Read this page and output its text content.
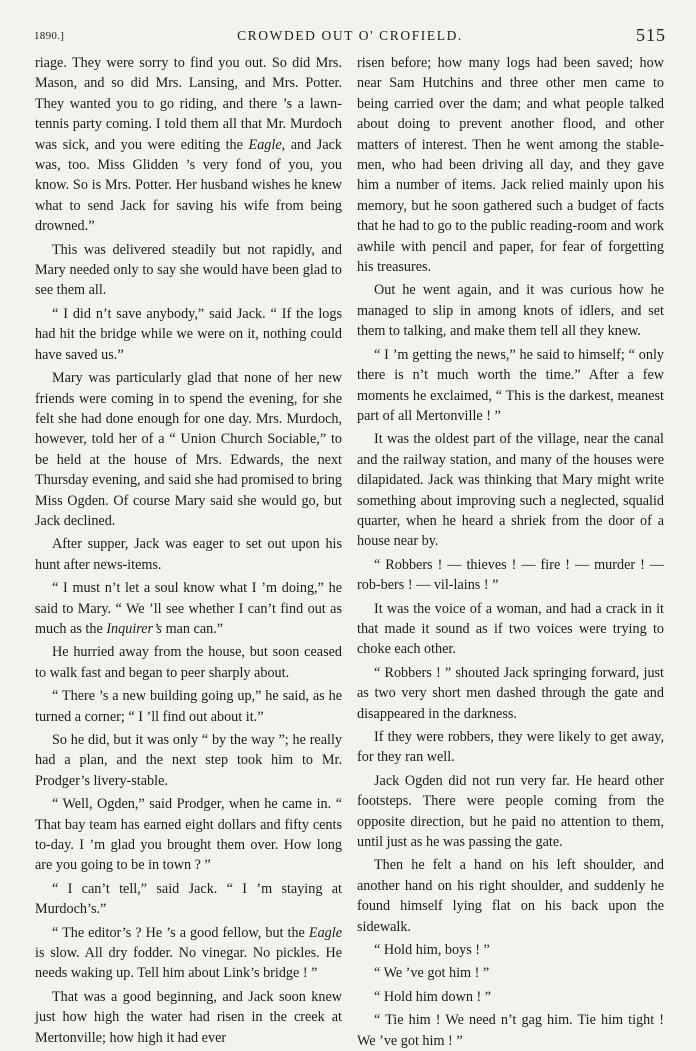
1890.]	CROWDED OUT O' CROFIELD.	515

riage. They were sorry to find you out. So did Mrs. Mason, and so did Mrs. Lansing, and Mrs. Potter. They wanted you to go riding, and there ’s a lawn-tennis party coming. I told them all that Mr. Murdoch was sick, and you were editing the Eagle, and Jack was, too. Miss Glidden ’s very fond of you, you know. So is Mrs. Potter. Her husband wishes he knew what to send Jack for saving his wife from being drowned.”

This was delivered steadily but not rapidly, and Mary needed only to say she would have been glad to see them all.

“ I did n’t save anybody,” said Jack. “ If the logs had hit the bridge while we were on it, nothing could have saved us.”

Mary was particularly glad that none of her new friends were coming in to spend the evening, for she felt she had done enough for one day. Mrs. Murdoch, however, told her of a “ Union Church Sociable,” to be held at the house of Mrs. Edwards, the next Thursday evening, and said she had promised to bring Miss Ogden. Of course Mary said she would go, but Jack declined.

After supper, Jack was eager to set out upon his hunt after news-items.

“ I must n’t let a soul know what I ’m doing,” he said to Mary. “ We ’ll see whether I can’t find out as much as the Inquirer’s man can.”

He hurried away from the house, but soon ceased to walk fast and began to peer sharply about.

“ There ’s a new building going up,” he said, as he turned a corner; “ I ’ll find out about it.”

So he did, but it was only “ by the way ”; he really had a plan, and the next step took him to Mr. Prodger’s livery-stable.

“ Well, Ogden,” said Prodger, when he came in. “ That bay team has earned eight dollars and fifty cents to-day. I ’m glad you brought them over. How long are you going to be in town ? ”

“ I can’t tell,” said Jack. “ I ’m staying at Murdoch’s.”

“ The editor’s ? He ’s a good fellow, but the Eagle is slow. All dry fodder. No vinegar. No pickles. He needs waking up. Tell him about Link’s bridge ! ”

That was a good beginning, and Jack soon knew just how high the water had risen in the creek at Mertonville; how high it had ever

risen before; how many logs had been saved; how near Sam Hutchins and three other men came to being carried over the dam; and what people talked about doing to prevent another flood, and other matters of interest. Then he went among the stable-men, who had been driving all day, and they gave him a number of items. Jack relied mainly upon his memory, but he soon gathered such a budget of facts that he had to go to the public reading-room and work awhile with pencil and paper, for fear of forgetting his treasures.

Out he went again, and it was curious how he managed to slip in among knots of idlers, and set them to talking, and make them tell all they knew.

“ I ’m getting the news,” he said to himself; “ only there is n’t much worth the time.” After a few moments he exclaimed, “ This is the darkest, meanest part of all Mertonville ! ”

It was the oldest part of the village, near the canal and the railway station, and many of the houses were dilapidated. Jack was thinking that Mary might write something about improving such a neglected, squalid quarter, when he heard a shriek from the door of a house near by.

“ Robbers ! — thieves ! — fire ! — murder ! — rob-bers ! — vil-lains ! ”

It was the voice of a woman, and had a crack in it that made it sound as if two voices were trying to choke each other.

“ Robbers ! ” shouted Jack springing forward, just as two very short men dashed through the gate and disappeared in the darkness.

If they were robbers, they were likely to get away, for they ran well.

Jack Ogden did not run very far. He heard other footsteps. There were people coming from the opposite direction, but he paid no attention to them, until just as he was passing the gate.

Then he felt a hand on his left shoulder, and another hand on his right shoulder, and suddenly he found himself lying flat on his back upon the sidewalk.

“ Hold him, boys ! ”

“ We ’ve got him ! ”

“ Hold him down ! ”

“ Tie him ! We need n’t gag him. Tie him tight ! We ’ve got him ! ”
